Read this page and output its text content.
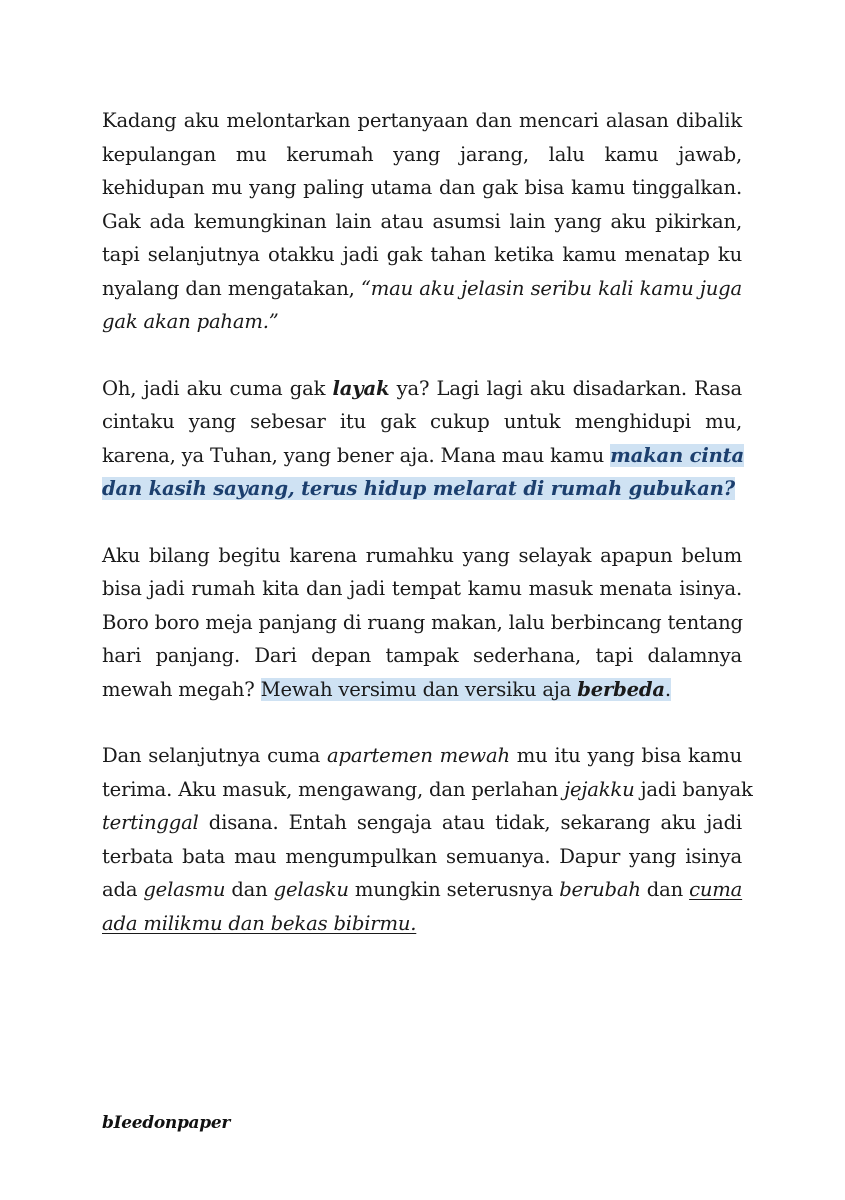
Kadang aku melontarkan pertanyaan dan mencari alasan dibalik
kepulangan mu kerumah yang jarang, lalu kamu jawab,
kehidupan mu yang paling utama dan gak bisa kamu tinggalkan.
Gak ada kemungkinan lain atau asumsi lain yang aku pikirkan,
tapi selanjutnya otakku jadi gak tahan ketika kamu menatap ku
nyalang dan mengatakan, “mau aku jelasin seribu kali kamu juga
gak akan paham.”

Oh, jadi aku cuma gak layak ya? Lagi lagi aku disadarkan. Rasa
cintaku yang sebesar itu gak cukup untuk menghidupi mu,
karena, ya Tuhan, yang bener aja. Mana mau kamu makan cinta
dan kasih sayang, terus hidup melarat di rumah gubukan?

Aku bilang begitu karena rumahku yang selayak apapun belum
bisa jadi rumah kita dan jadi tempat kamu masuk menata isinya.
Boro boro meja panjang di ruang makan, lalu berbincang tentang
hari panjang. Dari depan tampak sederhana, tapi dalamnya
mewah megah? Mewah versimu dan versiku aja berbeda.

Dan selanjutnya cuma apartemen mewah mu itu yang bisa kamu
terima. Aku masuk, mengawang, dan perlahan jejakku jadi banyak
tertinggal disana. Entah sengaja atau tidak, sekarang aku jadi
terbata bata mau mengumpulkan semuanya. Dapur yang isinya
ada gelasmu dan gelasku mungkin seterusnya berubah dan cuma
ada milikmu dan bekas bibirmu.

bIeedonpaper
